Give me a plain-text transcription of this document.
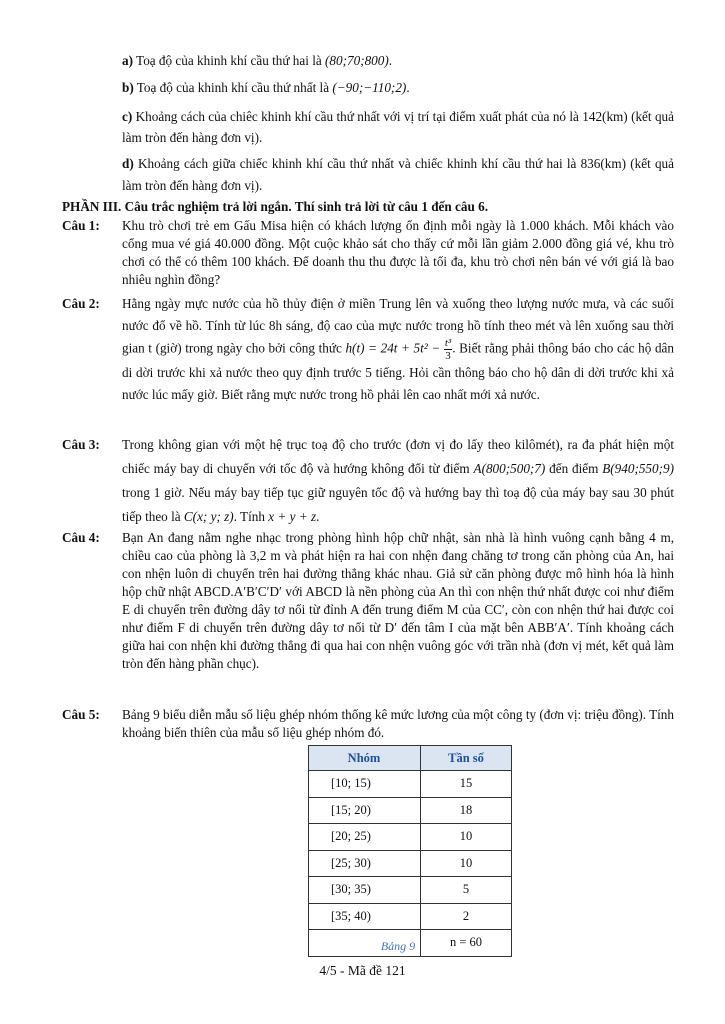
a) Toạ độ của khinh khí cầu thứ hai là (80;70;800).
b) Toạ độ của khinh khí cầu thứ nhất là (−90;−110;2).
c) Khoảng cách của chiêc khinh khí cầu thứ nhất với vị trí tại điểm xuất phát của nó là 142(km) (kết quả làm tròn đến hàng đơn vị).
d) Khoảng cách giữa chiếc khinh khí cầu thứ nhất và chiếc khinh khí cầu thứ hai là 836(km) (kết quả làm tròn đến hàng đơn vị).
PHẦN III. Câu trắc nghiệm trả lời ngắn. Thí sinh trả lời từ câu 1 đến câu 6.
Câu 1: Khu trò chơi trẻ em Gấu Misa hiện có khách lượng ổn định mỗi ngày là 1.000 khách. Mỗi khách vào cổng mua vé giá 40.000 đồng. Một cuộc khảo sát cho thấy cứ mỗi lần giảm 2.000 đồng giá vé, khu trò chơi có thể có thêm 100 khách. Để doanh thu thu được là tối đa, khu trò chơi nên bán vé với giá là bao nhiêu nghìn đồng?
Câu 2: Hằng ngày mực nước của hồ thủy điện ở miền Trung lên và xuống theo lượng nước mưa, và các suối nước đổ về hồ. Tính từ lúc 8h sáng, độ cao của mực nước trong hồ tính theo mét và lên xuống sau thời gian t (giờ) trong ngày cho bởi công thức $h(t) = 24t + 5t^2 - \frac{\text{t³}}{3}$ . Biết rằng phải thông báo cho các hộ dân di dời trước khi xả nước theo quy định trước 5 tiếng. Hỏi cần thông báo cho hộ dân di dời trước khi xả nước lúc mấy giờ. Biết rằng mực nước trong hồ phải lên cao nhất mới xả nước.
Câu 3: Trong không gian với một hệ trục toạ độ cho trước (đơn vị đo lấy theo kilômét), ra đa phát hiện một chiếc máy bay di chuyển với tốc độ và hướng không đổi từ điểm A(800;500;7) đến điểm B(940;550;9) trong 1 giờ. Nếu máy bay tiếp tục giữ nguyên tốc độ và hướng bay thì toạ độ của máy bay sau 30 phút tiếp theo là C(x; y; z). Tính x + y + z.
Câu 4: Bạn An đang nằm nghe nhạc trong phòng hình hộp chữ nhật, sàn nhà là hình vuông cạnh bằng 4 m, chiều cao của phòng là 3,2 m và phát hiện ra hai con nhện đang chăng tơ trong căn phòng của An, hai con nhện luôn di chuyển trên hai đường thẳng khác nhau. Giả sử căn phòng được mô hình hóa là hình hộp chữ nhật ABCD.A′B′C′D′ với ABCD là nền phòng của An thì con nhện thứ nhất được coi như điểm E di chuyển trên đường dây tơ nối từ đỉnh A đến trung điểm M của CC′, còn con nhện thứ hai được coi như điểm F di chuyển trên đường dây tơ nối từ D′ đến tâm I của mặt bên ABB′A′. Tính khoảng cách giữa hai con nhện khi đường thẳng đi qua hai con nhện vuông góc với trần nhà (đơn vị mét, kết quả làm tròn đến hàng phần chục).
Câu 5: Bảng 9 biểu diễn mẫu số liệu ghép nhóm thống kê mức lương của một công ty (đơn vị: triệu đồng). Tính khoảng biến thiên của mẫu số liệu ghép nhóm đó.
Nhóm	Tần số
[10; 15)	15
[15; 20)	18
[20; 25)	10
[25; 30)	10
[30; 35)	5
[35; 40)	2
	n = 60
Bảng 9
4/5 - Mã đề 121
